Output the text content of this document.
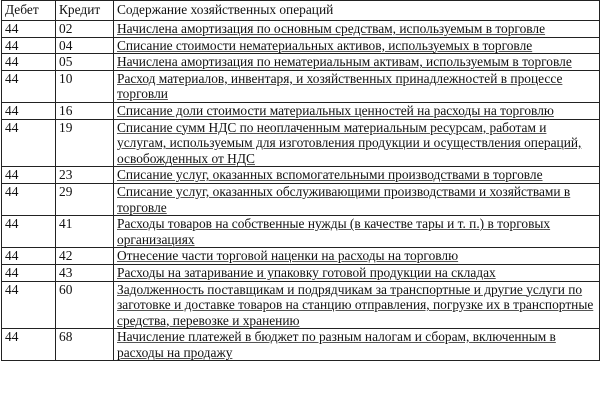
Дебет	Кредит	Содержание хозяйственных операций
44	02	Начислена амортизация по основным средствам, используемым в торговле
44	04	Списание стоимости нематериальных активов, используемых в торговле
44	05	Начислена амортизация по нематериальным активам, используемым в торговле
44	10	Расход материалов, инвентаря, и хозяйственных принадлежностей в процессе торговли
44	16	Списание доли стоимости материальных ценностей на расходы на торговлю
44	19	Списание сумм НДС по неоплаченным материальным ресурсам, работам и услугам, используемым для изготовления продукции и осуществления операций, освобожденных от НДС
44	23	Списание услуг, оказанных вспомогательными производствами в торговле
44	29	Списание услуг, оказанных обслуживающими производствами и хозяйствами в торговле
44	41	Расходы товаров на собственные нужды (в качестве тары и т. п.) в торговых организациях
44	42	Отнесение части торговой наценки на расходы на торговлю
44	43	Расходы на затаривание и упаковку готовой продукции на складах
44	60	Задолженность поставщикам и подрядчикам за транспортные и другие услуги по заготовке и доставке товаров на станцию отправления, погрузке их в транспортные средства, перевозке и хранению
44	68	Начисление платежей в бюджет по разным налогам и сборам, включенным в расходы на продажу
